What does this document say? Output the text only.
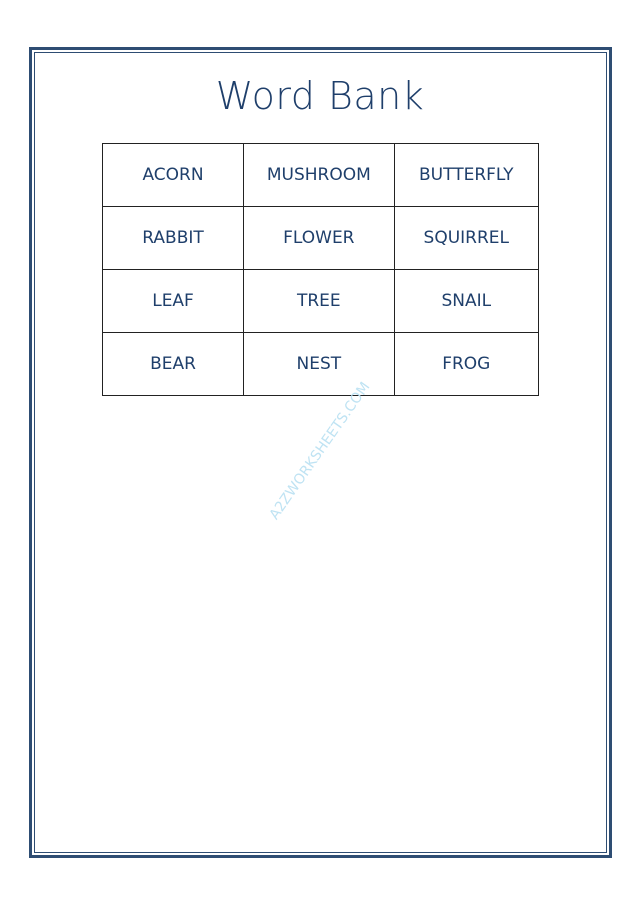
Word Bank
ACORN	MUSHROOM	BUTTERFLY
RABBIT	FLOWER	SQUIRREL
LEAF	TREE	SNAIL
BEAR	NEST	FROG
A2ZWORKSHEETS.COM
